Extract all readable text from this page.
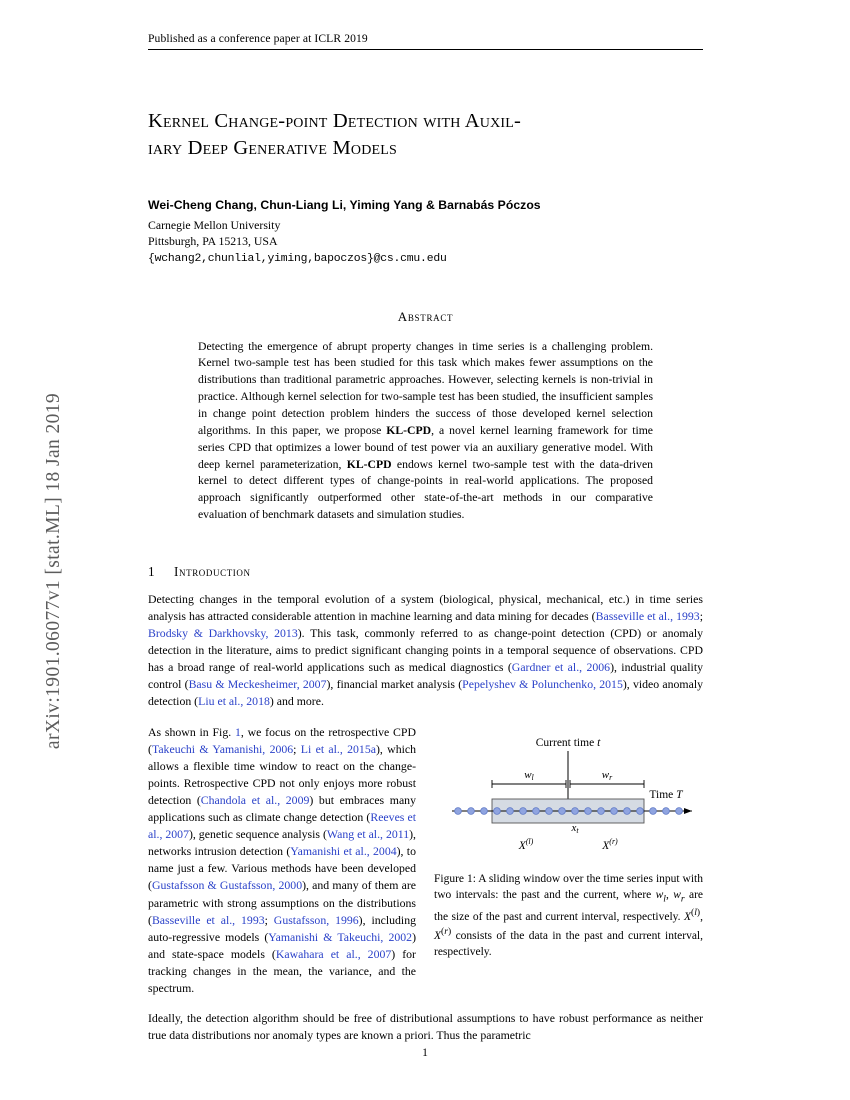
arXiv:1901.06077v1 [stat.ML] 18 Jan 2019
Published as a conference paper at ICLR 2019
Kernel Change-point Detection with Auxil-
iary Deep Generative Models
Wei-Cheng Chang, Chun-Liang Li, Yiming Yang & Barnabás Póczos
Carnegie Mellon University
Pittsburgh, PA 15213, USA
{wchang2,chunlial,yiming,bapoczos}@cs.cmu.edu
Abstract
Detecting the emergence of abrupt property changes in time series is a challenging problem. Kernel two-sample test has been studied for this task which makes fewer assumptions on the distributions than traditional parametric approaches. However, selecting kernels is non-trivial in practice. Although kernel selection for two-sample test has been studied, the insufficient samples in change point detection problem hinders the success of those developed kernel selection algorithms. In this paper, we propose KL-CPD, a novel kernel learning framework for time series CPD that optimizes a lower bound of test power via an auxiliary generative model. With deep kernel parameterization, KL-CPD endows kernel two-sample test with the data-driven kernel to detect different types of change-points in real-world applications. The proposed approach significantly outperformed other state-of-the-art methods in our comparative evaluation of benchmark datasets and simulation studies.
1 Introduction
Detecting changes in the temporal evolution of a system (biological, physical, mechanical, etc.) in time series analysis has attracted considerable attention in machine learning and data mining for decades (Basseville et al., 1993; Brodsky & Darkhovsky, 2013). This task, commonly referred to as change-point detection (CPD) or anomaly detection in the literature, aims to predict significant changing points in a temporal sequence of observations. CPD has a broad range of real-world applications such as medical diagnostics (Gardner et al., 2006), industrial quality control (Basu & Meckesheimer, 2007), financial market analysis (Pepelyshev & Polunchenko, 2015), video anomaly detection (Liu et al., 2018) and more.
As shown in Fig. 1, we focus on the retrospective CPD (Takeuchi & Yamanishi, 2006; Li et al., 2015a), which allows a flexible time window to react on the change-points. Retrospective CPD not only enjoys more robust detection (Chandola et al., 2009) but embraces many applications such as climate change detection (Reeves et al., 2007), genetic sequence analysis (Wang et al., 2011), networks intrusion detection (Yamanishi et al., 2004), to name just a few. Various methods have been developed (Gustafsson & Gustafsson, 2000), and many of them are parametric with strong assumptions on the distributions (Basseville et al., 1993; Gustafsson, 1996), including auto-regressive models (Yamanishi & Takeuchi, 2002) and state-space models (Kawahara et al., 2007) for tracking changes in the mean, the variance, and the spectrum.
Current time t
wl	wr
Time T
xt
$X^{(l)}$	$X^{(r)}$
Figure 1: A sliding window over the time series input with two intervals: the past and the current, where $w_l$, $w_r$ are the size of the past and current interval, respectively. $X^{(l)}$, $X^{(r)}$ consists of the data in the past and current interval, respectively.
Ideally, the detection algorithm should be free of distributional assumptions to have robust performance as neither true data distributions nor anomaly types are known a priori. Thus the parametric
1
